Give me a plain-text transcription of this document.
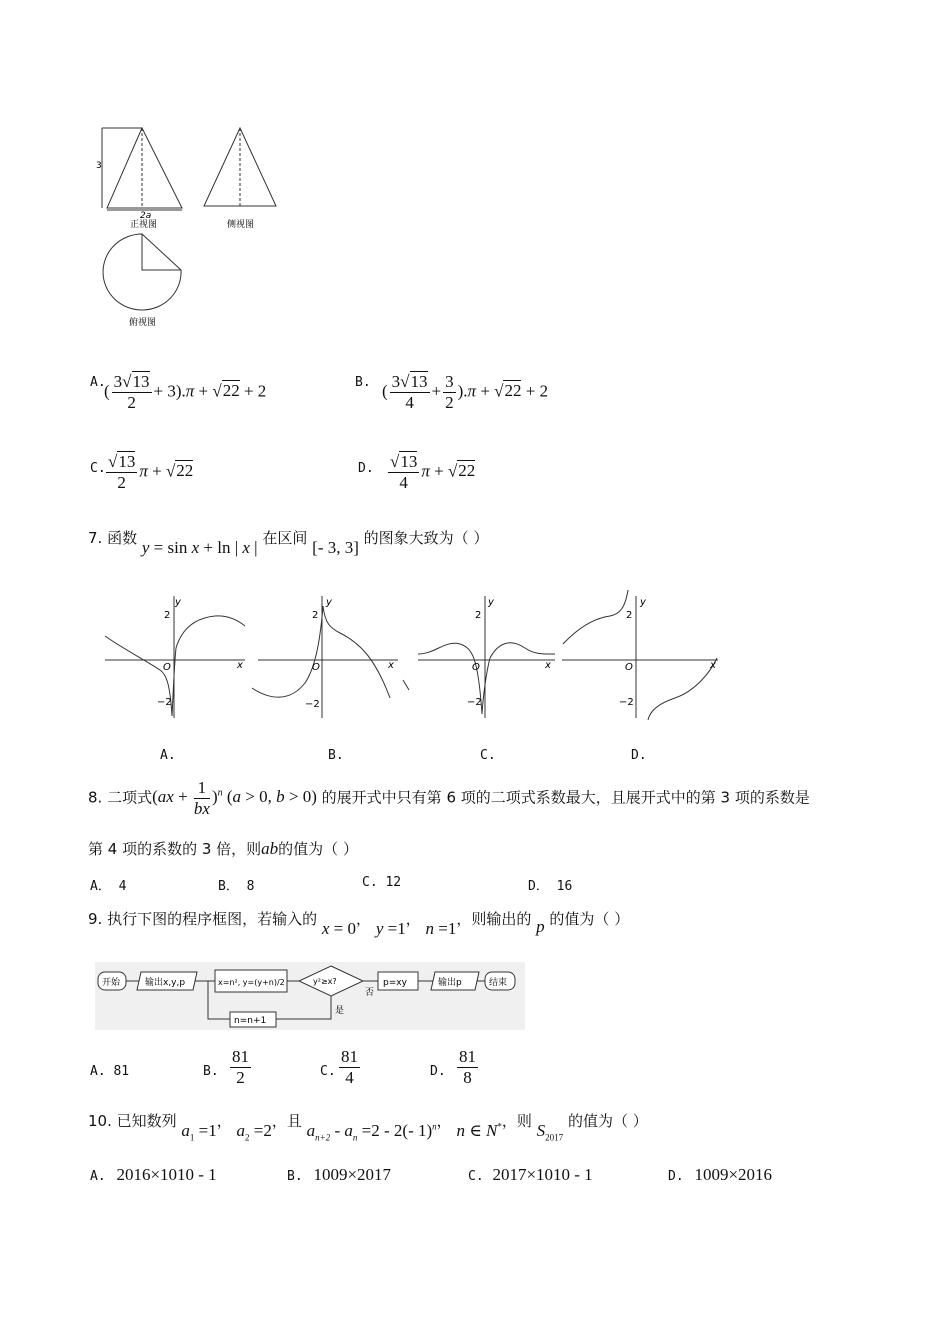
3
2a
正视图	侧视图
俯视图
A.
( $\frac{3√13}{2} + 3).\pi + √22 + 2$	B. ( $\frac{3√13}{4} + \frac{3}{2} ).\pi + √22 + 2$
C. $\frac{√13}{2}$ π + √22	D. $\frac{√13}{4}$ π + √22
7. 函数 y = sin x + ln | x | 在区间 [- 3, 3] 的图象大致为（ ）
y
2
O
−2
x
y
2
O
−2
x
y
2
O
−2
x
y
2
O
−2
x
A.	B.	C.	D.
8. 二项式$(ax + \frac{1}{bx} )^n$ (a > 0, b > 0) 的展开式中只有第 6 项的二项式系数最大，且展开式中的第 3 项的系数是
第 4 项的系数的 3 倍，则ab的值为（ ）
A． 4	B． 8	C. 12	D． 16
9. 执行下图的程序框图，若输入的 x = 0， y =1， n =1，则输出的 p 的值为（ ）
开始	输出x,y,p	x=n², y=(y+n)/2	y²≥x?
否
是
p=xy	输出p	结束
n=n+1
A. 81	B. $\frac{81}{2}$	C. $\frac{81}{4}$	D. $\frac{81}{8}$
10. 已知数列 $a_1 =1$， $a_2 =2$，且 $a_{n+2} - a_n =2 - 2(-$ 1)$^n$， n ∈ N*，则 $S_{2017}$ 的值为（ ）
A. 2016×1010 - 1	B. 1009×2017	C. 2017×1010 - 1	D. 1009×2016
